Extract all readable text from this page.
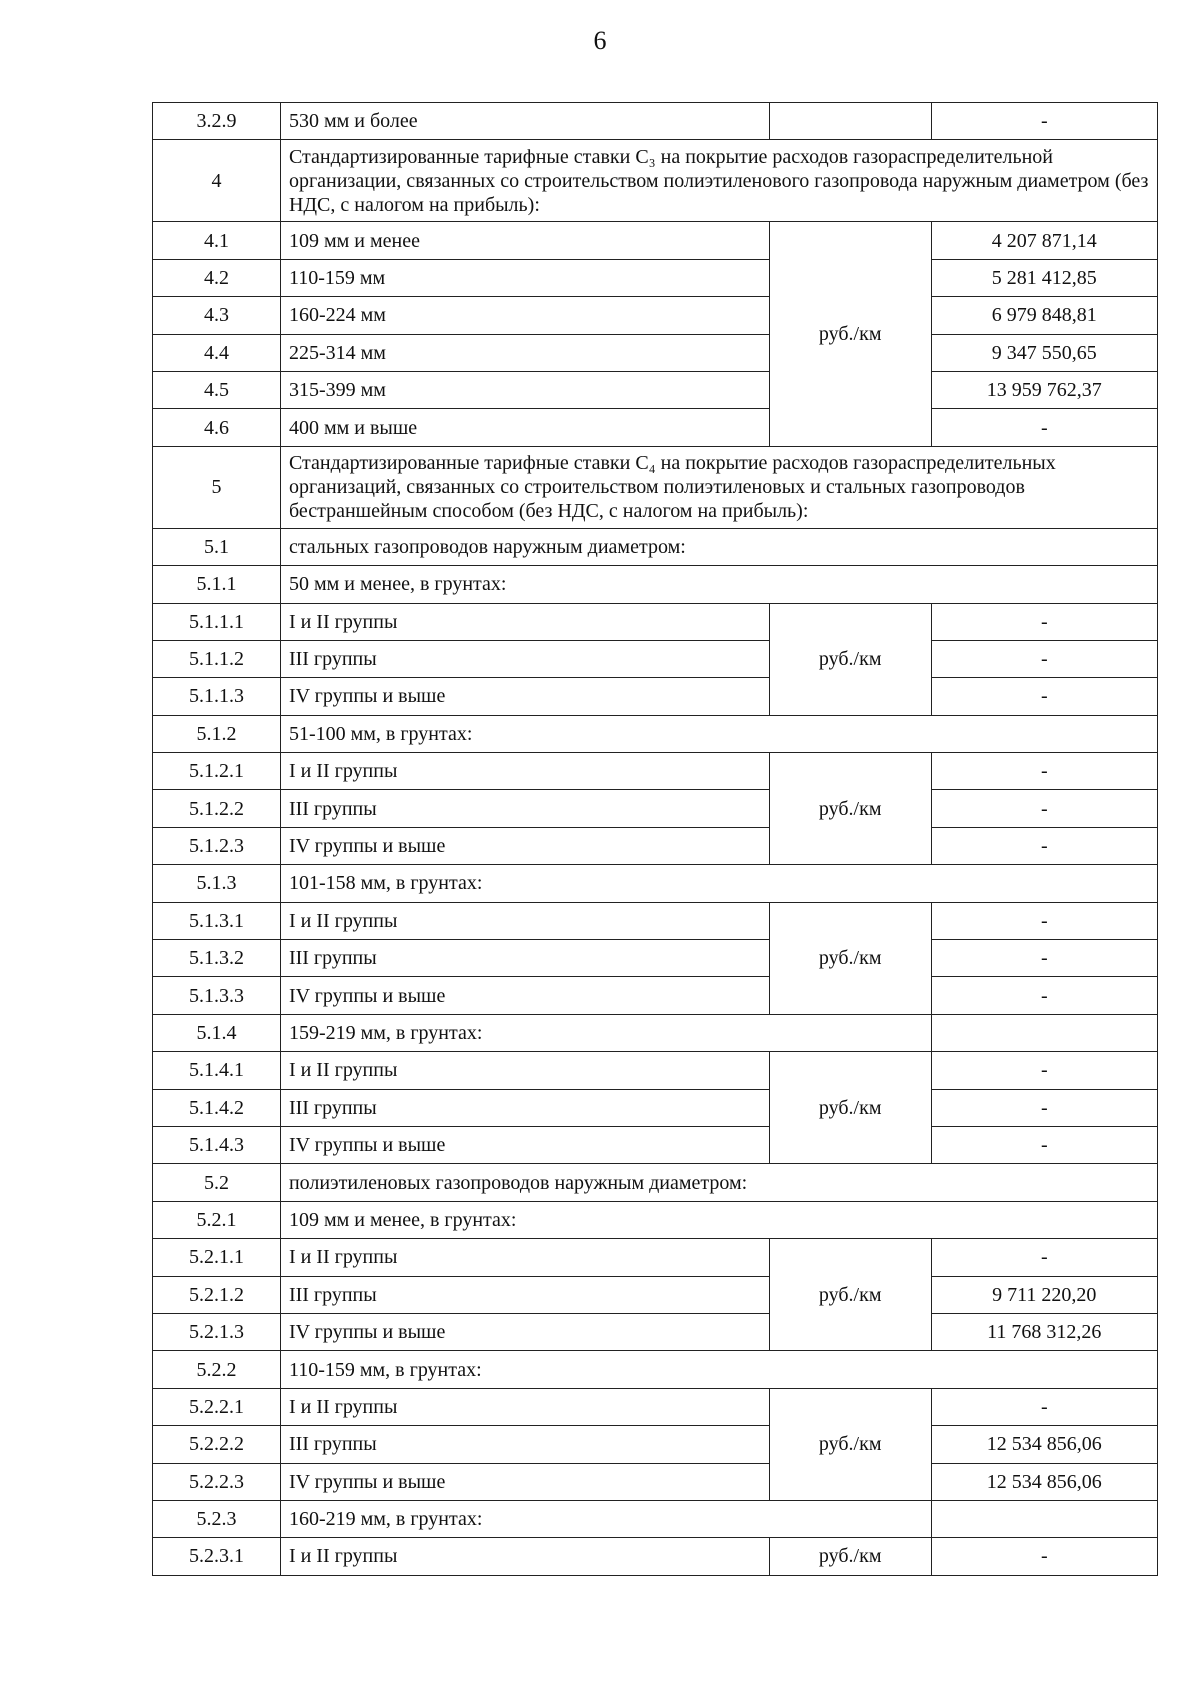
6
3.2.9	530 мм и более		-
4	Стандартизированные тарифные ставки С₃ на покрытие расходов газораспределительной организации, связанных со строительством полиэтиленового газопровода наружным диаметром (без НДС, с налогом на прибыль):		
4.1	109 мм и менее	руб./км	4 207 871,14
4.2	110-159 мм		5 281 412,85
4.3	160-224 мм		6 979 848,81
4.4	225-314 мм		9 347 550,65
4.5	315-399 мм		13 959 762,37
4.6	400 мм и выше		-
5	Стандартизированные тарифные ставки С₄ на покрытие расходов газораспределительных организаций, связанных со строительством полиэтиленовых и стальных газопроводов бестраншейным способом (без НДС, с налогом на прибыль):		
5.1	стальных газопроводов наружным диаметром:		
5.1.1	50 мм и менее, в грунтах:		
5.1.1.1	I и II группы	руб./км	-
5.1.1.2	III группы		-
5.1.1.3	IV группы и выше		-
5.1.2	51-100 мм, в грунтах:		
5.1.2.1	I и II группы	руб./км	-
5.1.2.2	III группы		-
5.1.2.3	IV группы и выше		-
5.1.3	101-158 мм, в грунтах:		
5.1.3.1	I и II группы	руб./км	-
5.1.3.2	III группы		-
5.1.3.3	IV группы и выше		-
5.1.4	159-219 мм, в грунтах:		
5.1.4.1	I и II группы	руб./км	-
5.1.4.2	III группы		-
5.1.4.3	IV группы и выше		-
5.2	полиэтиленовых газопроводов наружным диаметром:		
5.2.1	109 мм и менее, в грунтах:		
5.2.1.1	I и II группы	руб./км	-
5.2.1.2	III группы		9 711 220,20
5.2.1.3	IV группы и выше		11 768 312,26
5.2.2	110-159 мм, в грунтах:		
5.2.2.1	I и II группы	руб./км	-
5.2.2.2	III группы		12 534 856,06
5.2.2.3	IV группы и выше		12 534 856,06
5.2.3	160-219 мм, в грунтах:		
5.2.3.1	I и II группы	руб./км	-
